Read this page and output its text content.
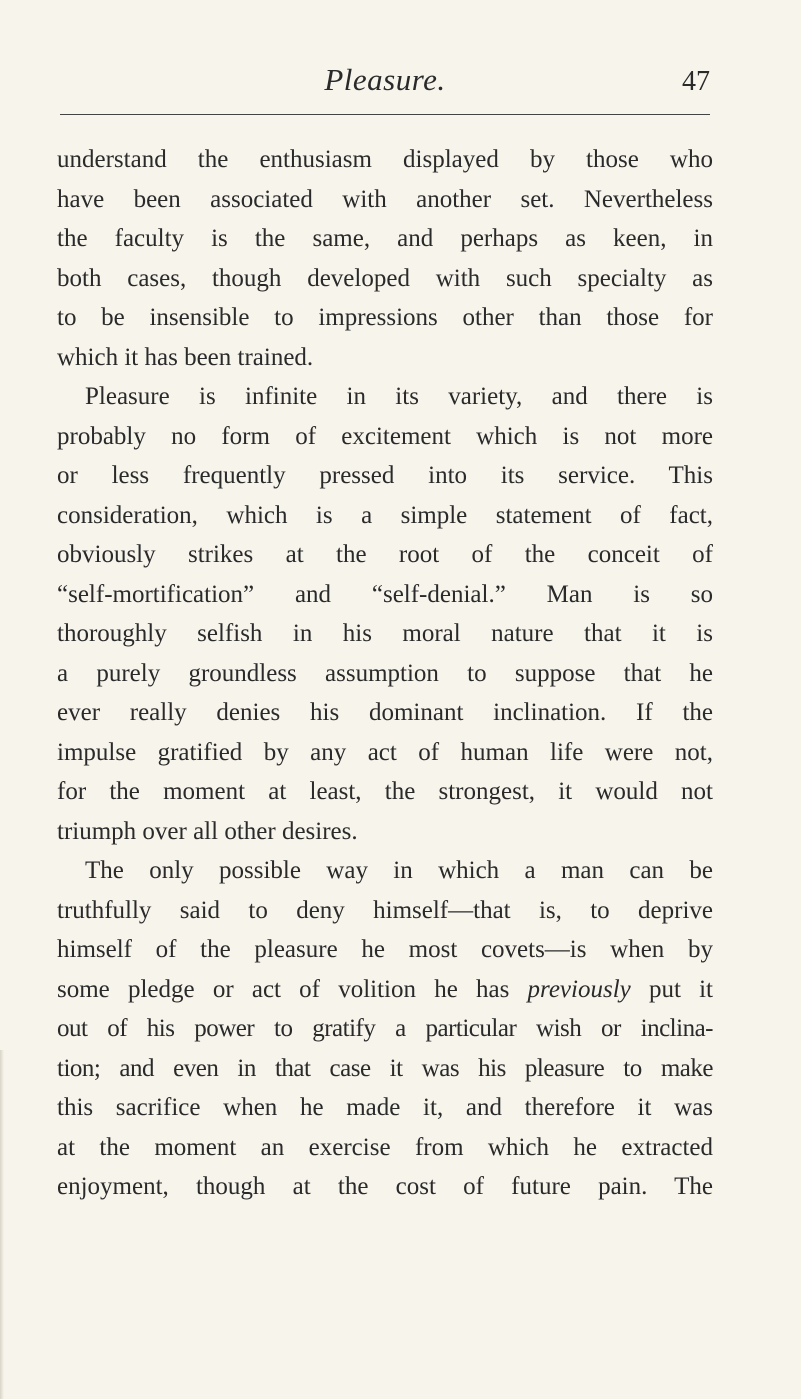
Pleasure.	47
understand the enthusiasm displayed by those who
have been associated with another set. Nevertheless
the faculty is the same, and perhaps as keen, in
both cases, though developed with such specialty as
to be insensible to impressions other than those for
which it has been trained.
Pleasure is infinite in its variety, and there is
probably no form of excitement which is not more
or less frequently pressed into its service. This
consideration, which is a simple statement of fact,
obviously strikes at the root of the conceit of
“self-mortification” and “self-denial.” Man is so
thoroughly selfish in his moral nature that it is
a purely groundless assumption to suppose that he
ever really denies his dominant inclination. If the
impulse gratified by any act of human life were not,
for the moment at least, the strongest, it would not
triumph over all other desires.
The only possible way in which a man can be
truthfully said to deny himself—that is, to deprive
himself of the pleasure he most covets—is when by
some pledge or act of volition he has previously put it
out of his power to gratify a particular wish or inclina-
tion; and even in that case it was his pleasure to make
this sacrifice when he made it, and therefore it was
at the moment an exercise from which he extracted
enjoyment, though at the cost of future pain. The
